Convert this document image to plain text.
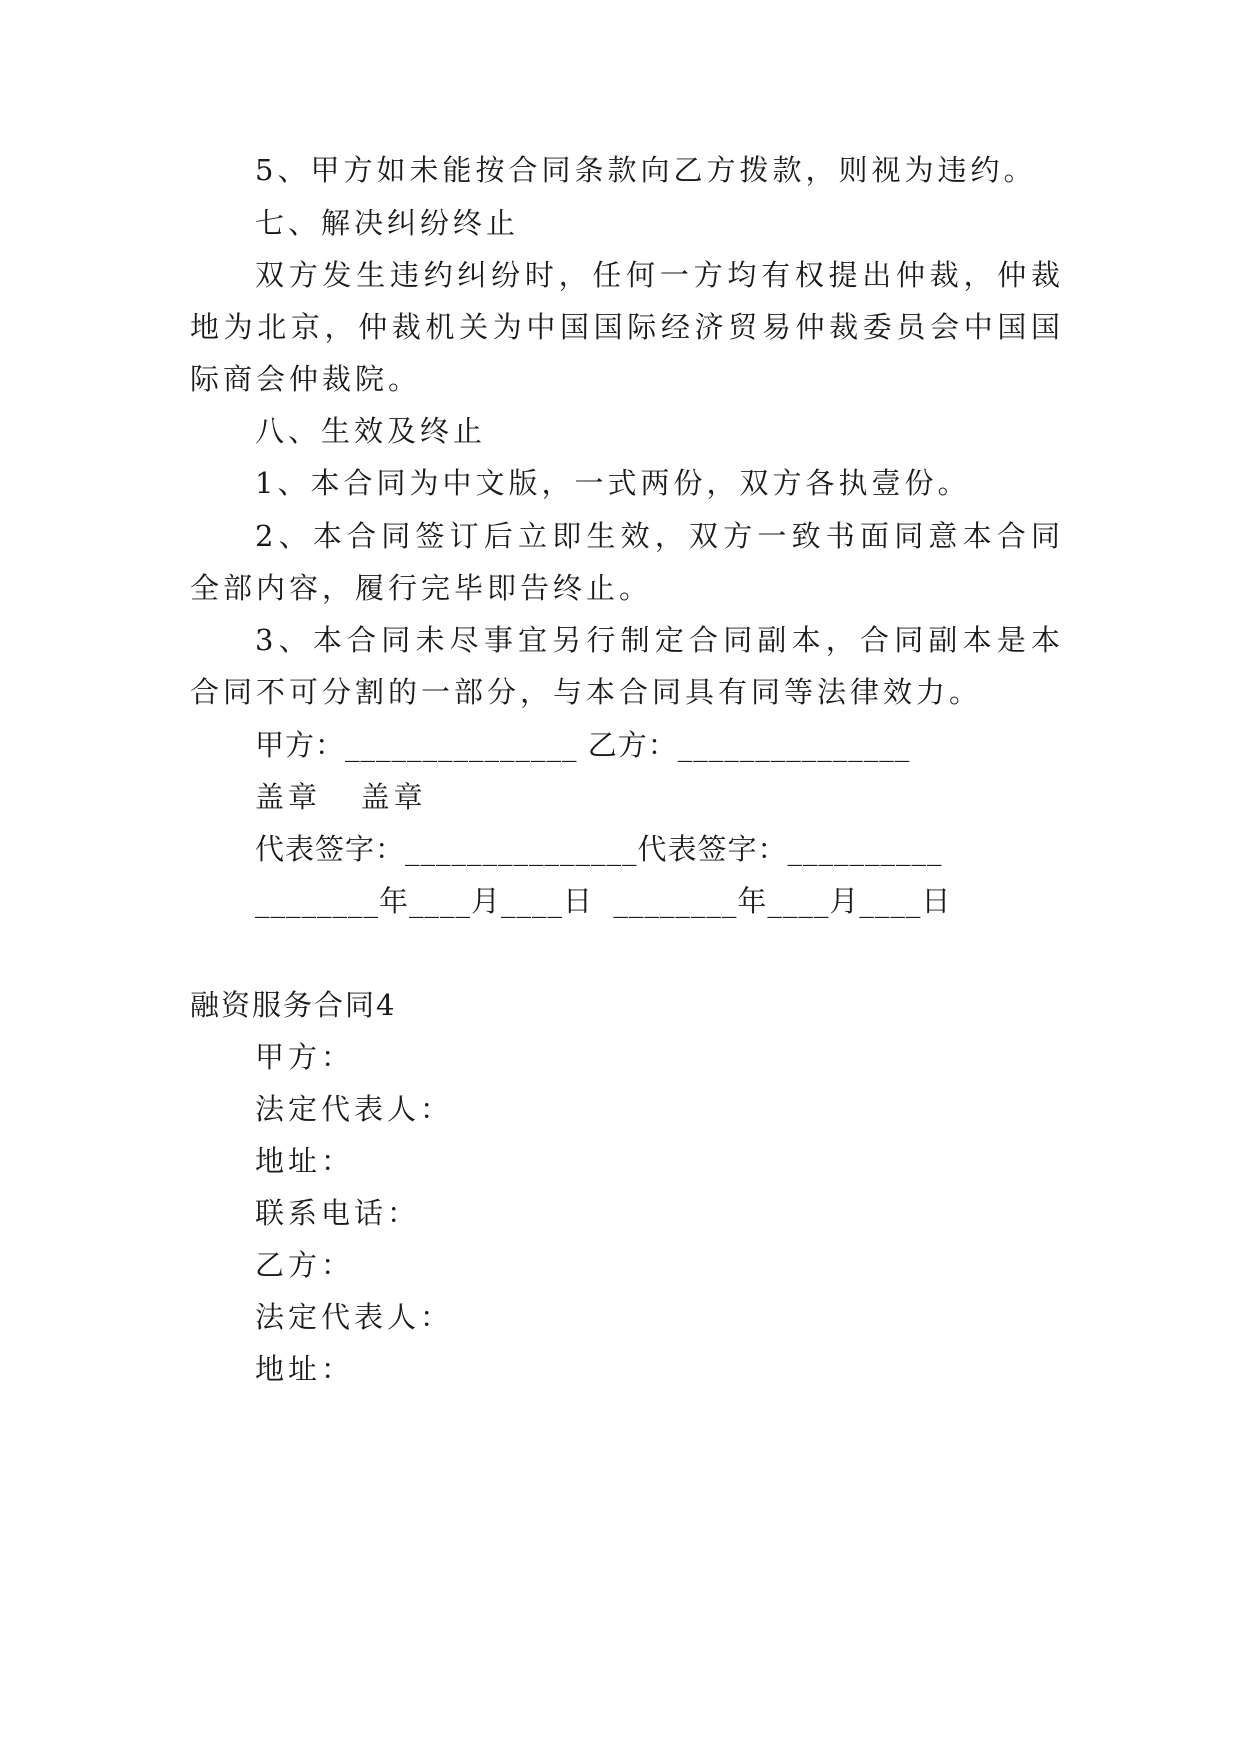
5、甲方如未能按合同条款向乙方拨款，则视为违约。
七、解决纠纷终止
双方发生违约纠纷时，任何一方均有权提出仲裁，仲裁
地为北京，仲裁机关为中国国际经济贸易仲裁委员会中国国
际商会仲裁院。
八、生效及终止
1、本合同为中文版，一式两份，双方各执壹份。
2、本合同签订后立即生效，双方一致书面同意本合同
全部内容，履行完毕即告终止。
3、本合同未尽事宜另行制定合同副本，合同副本是本
合同不可分割的一部分，与本合同具有同等法律效力。
甲方：_______________ 乙方：_______________
盖章   盖章
代表签字：_______________代表签字：__________
________年____月____日  ________年____月____日
融资服务合同4
甲方：
法定代表人：
地址：
联系电话：
乙方：
法定代表人：
地址：
